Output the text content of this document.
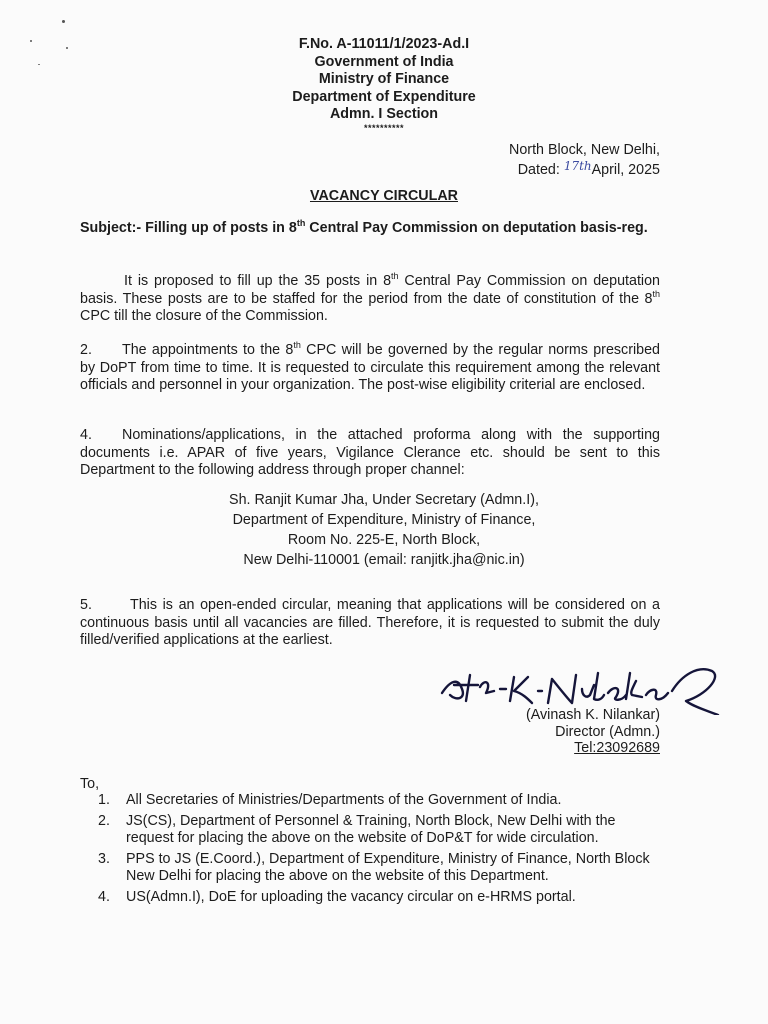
F.No. A-11011/1/2023-Ad.I
Government of India
Ministry of Finance
Department of Expenditure
Admn. I Section
**********
North Block, New Delhi,
Dated: $^{17th}$April, 2025
VACANCY CIRCULAR
Subject:- Filling up of posts in 8th Central Pay Commission on deputation basis-reg.
It is proposed to fill up the 35 posts in 8th Central Pay Commission on deputation basis. These posts are to be staffed for the period from the date of constitution of the 8th CPC till the closure of the Commission.
2. The appointments to the 8th CPC will be governed by the regular norms prescribed by DoPT from time to time. It is requested to circulate this requirement among the relevant officials and personnel in your organization. The post-wise eligibility criterial are enclosed.
4. Nominations/applications, in the attached proforma along with the supporting documents i.e. APAR of five years, Vigilance Clerance etc. should be sent to this Department to the following address through proper channel:
Sh. Ranjit Kumar Jha, Under Secretary (Admn.I),
Department of Expenditure, Ministry of Finance,
Room No. 225-E, North Block,
New Delhi-110001 (email: ranjitk.jha@nic.in)
5.	This is an open-ended circular, meaning that applications will be considered on a continuous basis until all vacancies are filled. Therefore, it is requested to submit the duly filled/verified applications at the earliest.
(Avinash K. Nilankar)
Director (Admn.)
Tel:23092689
To,
1. All Secretaries of Ministries/Departments of the Government of India.
2. JS(CS), Department of Personnel & Training, North Block, New Delhi with the request for placing the above on the website of DoP&T for wide circulation.
3. PPS to JS (E.Coord.), Department of Expenditure, Ministry of Finance, North Block New Delhi for placing the above on the website of this Department.
4. US(Admn.I), DoE for uploading the vacancy circular on e-HRMS portal.
